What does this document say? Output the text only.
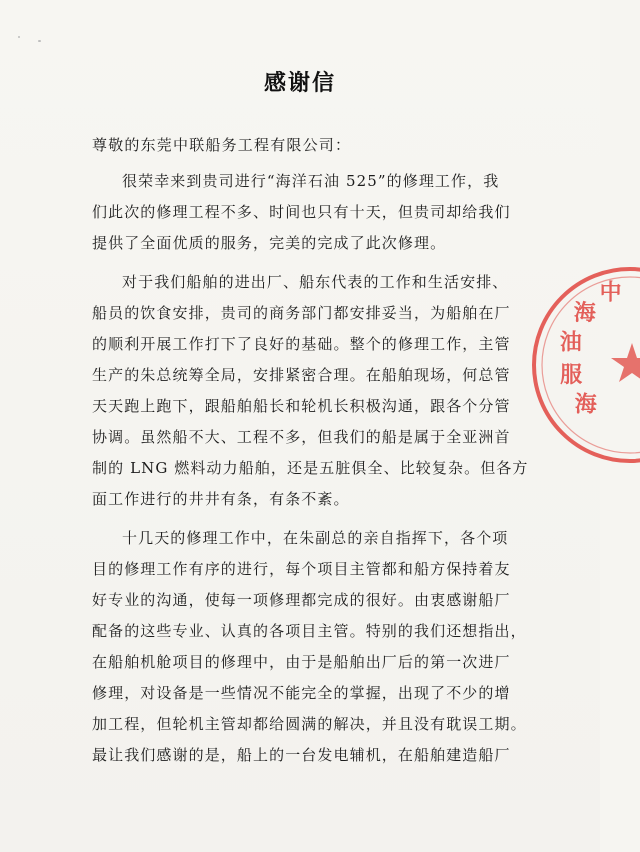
感谢信

尊敬的东莞中联船务工程有限公司：

很荣幸来到贵司进行“海洋石油 525”的修理工作，我
们此次的修理工程不多、时间也只有十天，但贵司却给我们
提供了全面优质的服务，完美的完成了此次修理。
对于我们船舶的进出厂、船东代表的工作和生活安排、
船员的饮食安排，贵司的商务部门都安排妥当，为船舶在厂
的顺利开展工作打下了良好的基础。整个的修理工作，主管
生产的朱总统筹全局，安排紧密合理。在船舶现场，何总管
天天跑上跑下，跟船舶船长和轮机长积极沟通，跟各个分管
协调。虽然船不大、工程不多，但我们的船是属于全亚洲首
制的 LNG 燃料动力船舶，还是五脏俱全、比较复杂。但各方
面工作进行的井井有条，有条不紊。
十几天的修理工作中，在朱副总的亲自指挥下，各个项
目的修理工作有序的进行，每个项目主管都和船方保持着友
好专业的沟通，使每一项修理都完成的很好。由衷感谢船厂
配备的这些专业、认真的各项目主管。特别的我们还想指出，
在船舶机舱项目的修理中，由于是船舶出厂后的第一次进厂
修理，对设备是一些情况不能完全的掌握，出现了不少的增
加工程，但轮机主管却都给圆满的解决，并且没有耽误工期。
最让我们感谢的是，船上的一台发电辅机，在船舶建造船厂
中海油服海
